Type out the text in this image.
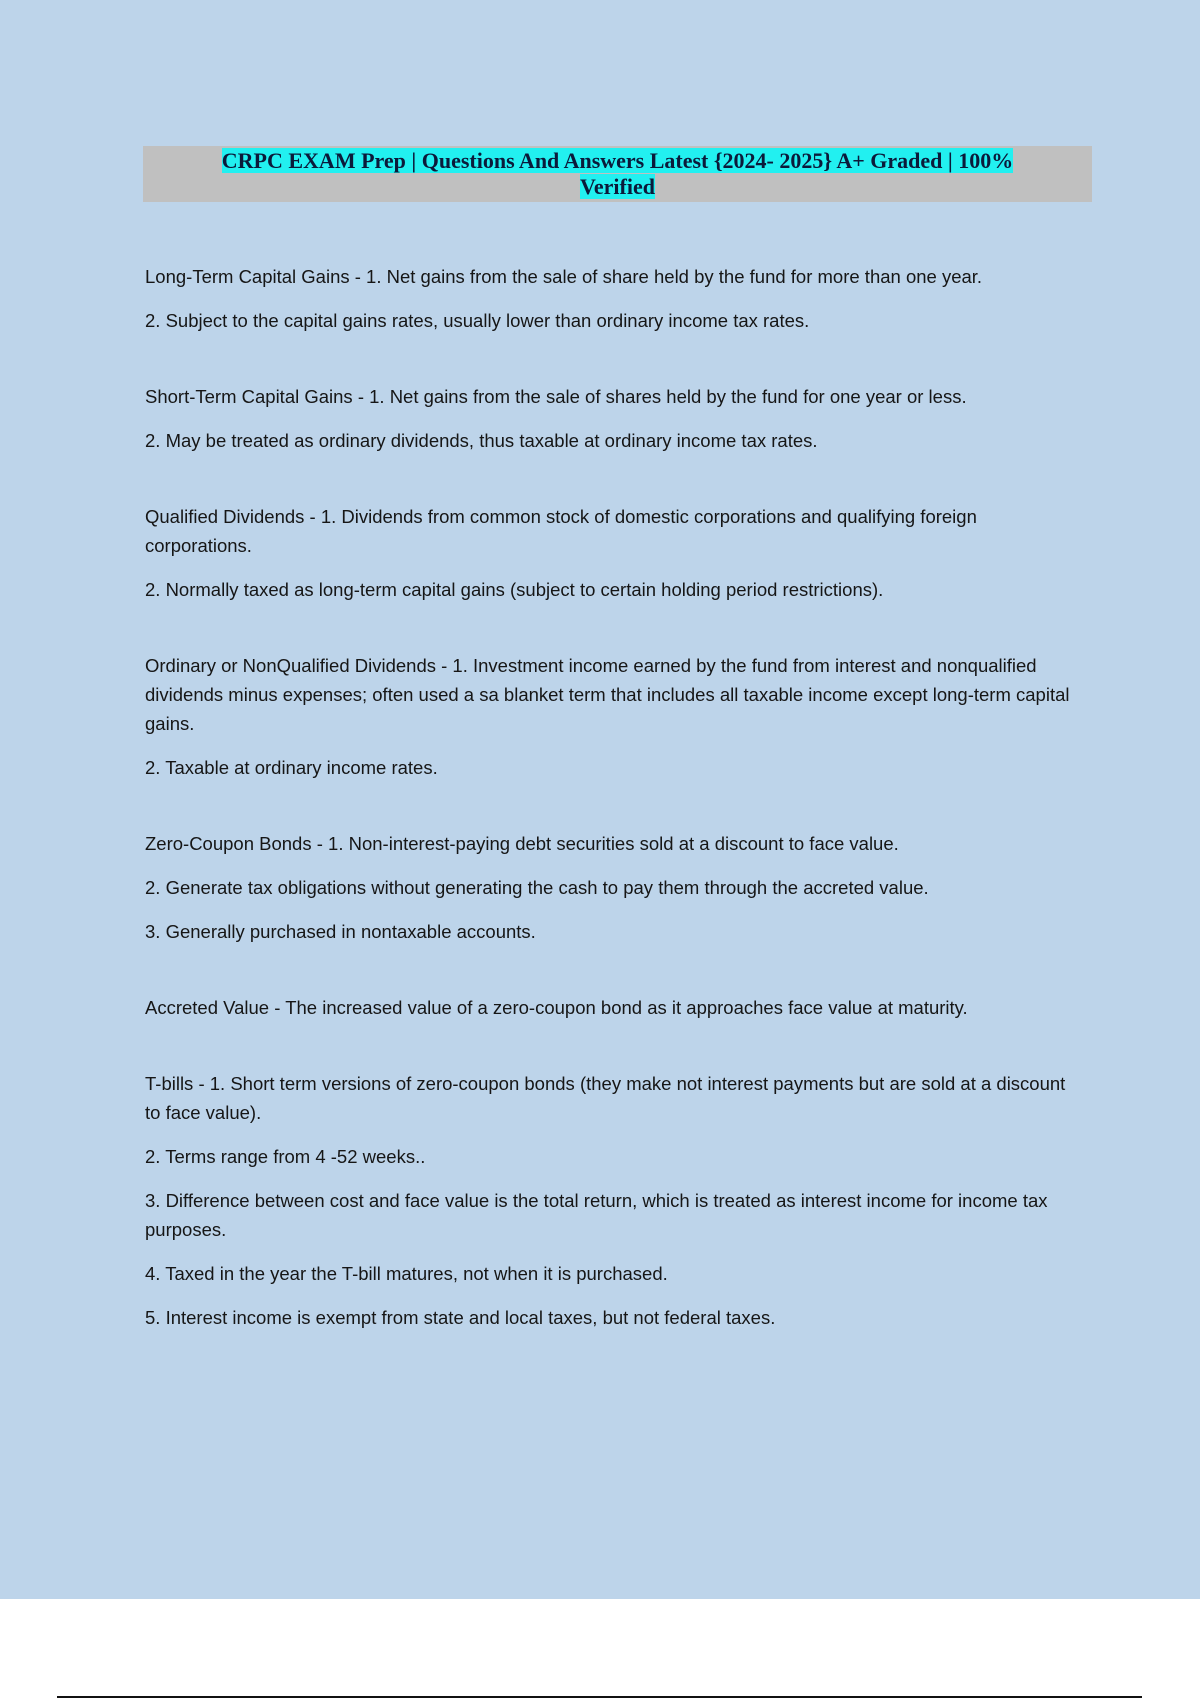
CRPC EXAM Prep | Questions And Answers Latest {2024- 2025} A+ Graded | 100%
Verified

Long-Term Capital Gains - 1. Net gains from the sale of share held by the fund for more than one year.

2. Subject to the capital gains rates, usually lower than ordinary income tax rates.

Short-Term Capital Gains - 1. Net gains from the sale of shares held by the fund for one year or less.

2. May be treated as ordinary dividends, thus taxable at ordinary income tax rates.

Qualified Dividends - 1. Dividends from common stock of domestic corporations and qualifying foreign corporations.

2. Normally taxed as long-term capital gains (subject to certain holding period restrictions).

Ordinary or NonQualified Dividends - 1. Investment income earned by the fund from interest and nonqualified dividends minus expenses; often used a sa blanket term that includes all taxable income except long-term capital gains.

2. Taxable at ordinary income rates.

Zero-Coupon Bonds - 1. Non-interest-paying debt securities sold at a discount to face value.

2. Generate tax obligations without generating the cash to pay them through the accreted value.

3. Generally purchased in nontaxable accounts.

Accreted Value - The increased value of a zero-coupon bond as it approaches face value at maturity.

T-bills - 1. Short term versions of zero-coupon bonds (they make not interest payments but are sold at a discount to face value).

2. Terms range from 4 -52 weeks..

3. Difference between cost and face value is the total return, which is treated as interest income for income tax purposes.

4. Taxed in the year the T-bill matures, not when it is purchased.

5. Interest income is exempt from state and local taxes, but not federal taxes.
